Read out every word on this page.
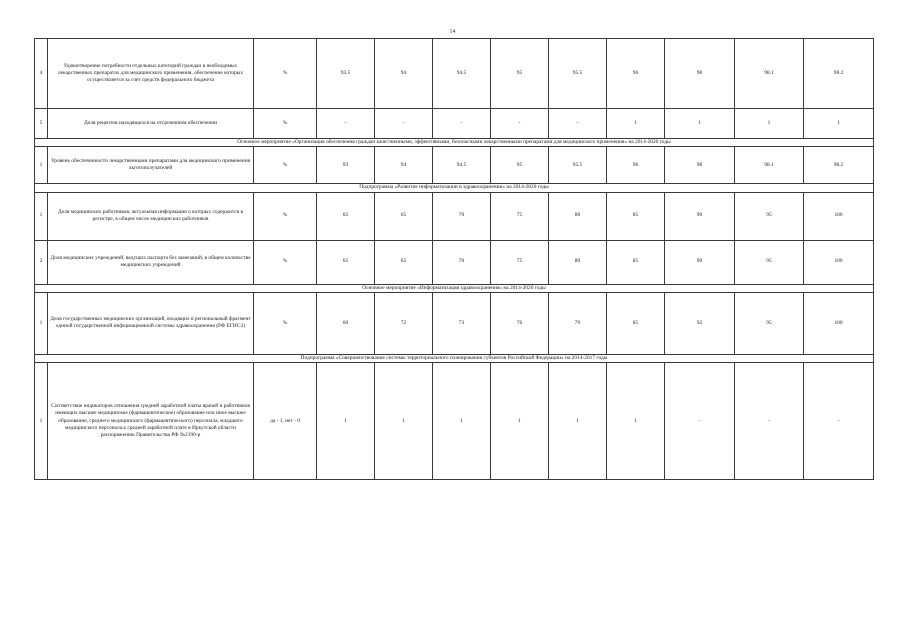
14
4	Удовлетворение потребности отдельных категорий граждан в необходимых лекарственных препаратах для медицинского применения, обеспечение которых осуществляется за счет средств федерального бюджета	%	93.5	94	94.5	95	95.5	96	98	98.1	98.2
5	Доля рецептов находящихся на отсроченном обеспечении	%	-	-	-	-	-	1	1	1	1
Основное мероприятие «Организация обеспечения граждан качественными, эффективными, безопасными лекарственными препаратами для медицинского применения» на 2014-2020 годы											
1	Уровень обеспеченности лекарственными препаратами для медицинского применения льготополучателей	%	93	94	94.5	95	95.5	96	98	98.1	98.2
Подпрограмма «Развитие информатизации в здравоохранении» на 2014-2020 годы											
1	Доля медицинских работников, актуальная информация о которых содержится в регистре, в общем числе медицинских работников	%	65	65	70	75	80	85	90	95	100
2	Доля медицинских учреждений, ведущих паспорта без замечаний, в общем количестве медицинских учреждений	%	65	65	70	75	80	85	90	95	100
Основное мероприятие «Информатизация здравоохранения» на 2014-2020 годы											
1	Доля государственных медицинских организаций, входящих в региональный фрагмент единой государственной информационной системы здравоохранения (РФ ЕГИСЗ)	%	60	72	73	76	79	85	92	95	100
Подпрограмма «Совершенствование системы территориального планирования субъектов Российской Федерации» на 2014-2017 годы											
1	Соответствие индикаторов отношения средней заработной платы врачей и работников имеющих высшее медицинское (фармацевтическое) образование или иное высшее образование, среднего медицинского (фармацевтического) персонала, младшего медицинского персонала к средней заработной плате в Иркутской области распоряжению Правительства РФ №2190-р	да - 1, нет - 0	1	1	1	1	1	1	-	-	-
